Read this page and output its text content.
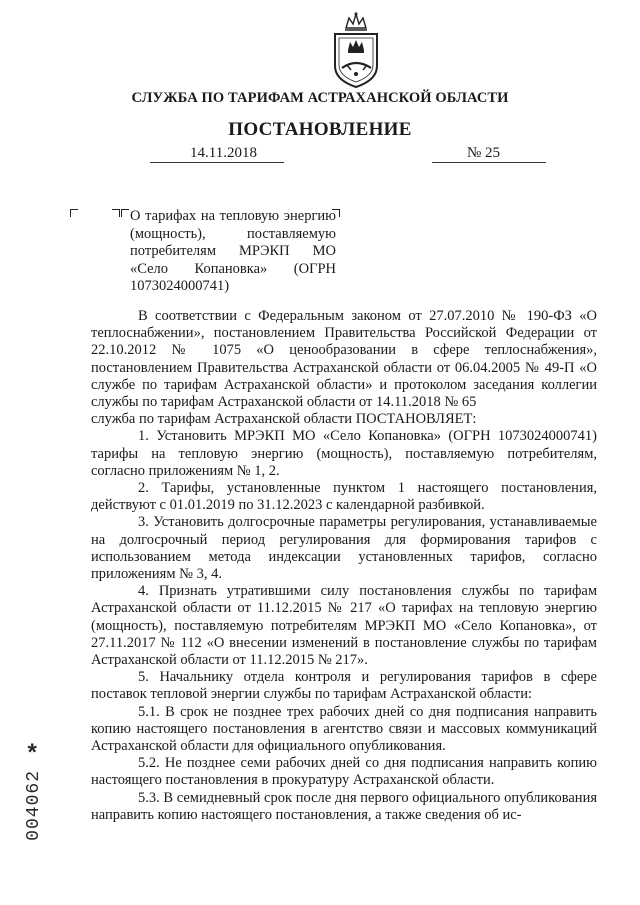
СЛУЖБА ПО ТАРИФАМ АСТРАХАНСКОЙ ОБЛАСТИ
ПОСТАНОВЛЕНИЕ
14.11.2018	№ 25
О тарифах на тепловую энергию (мощность), поставляемую потребителям МРЭКП МО «Село Копановка» (ОГРН 1073024000741)

В соответствии с Федеральным законом от 27.07.2010 № 190-ФЗ «О теплоснабжении», постановлением Правительства Российской Федерации от 22.10.2012 № 1075 «О ценообразовании в сфере теплоснабжения», постановлением Правительства Астраханской области от 06.04.2005 № 49-П «О службе по тарифам Астраханской области» и протоколом заседания коллегии службы по тарифам Астраханской области от 14.11.2018 № 65

служба по тарифам Астраханской области ПОСТАНОВЛЯЕТ:

1. Установить МРЭКП МО «Село Копановка» (ОГРН 1073024000741) тарифы на тепловую энергию (мощность), поставляемую потребителям, согласно приложениям № 1, 2.

2. Тарифы, установленные пунктом 1 настоящего постановления, действуют с 01.01.2019 по 31.12.2023 с календарной разбивкой.

3. Установить долгосрочные параметры регулирования, устанавливаемые на долгосрочный период регулирования для формирования тарифов с использованием метода индексации установленных тарифов, согласно приложениям № 3, 4.

4. Признать утратившими силу постановления службы по тарифам Астраханской области от 11.12.2015 № 217 «О тарифах на тепловую энергию (мощность), поставляемую потребителям МРЭКП МО «Село Копановка», от 27.11.2017 № 112 «О внесении изменений в постановление службы по тарифам Астраханской области от 11.12.2015 № 217».

5. Начальнику отдела контроля и регулирования тарифов в сфере поставок тепловой энергии службы по тарифам Астраханской области:

5.1. В срок не позднее трех рабочих дней со дня подписания направить копию настоящего постановления в агентство связи и массовых коммуникаций Астраханской области для официального опубликования.

5.2. Не позднее семи рабочих дней со дня подписания направить копию настоящего постановления в прокуратуру Астраханской области.

5.3. В семидневный срок после дня первого официального опубликования направить копию настоящего постановления, а также сведения об ис-

*
004062
